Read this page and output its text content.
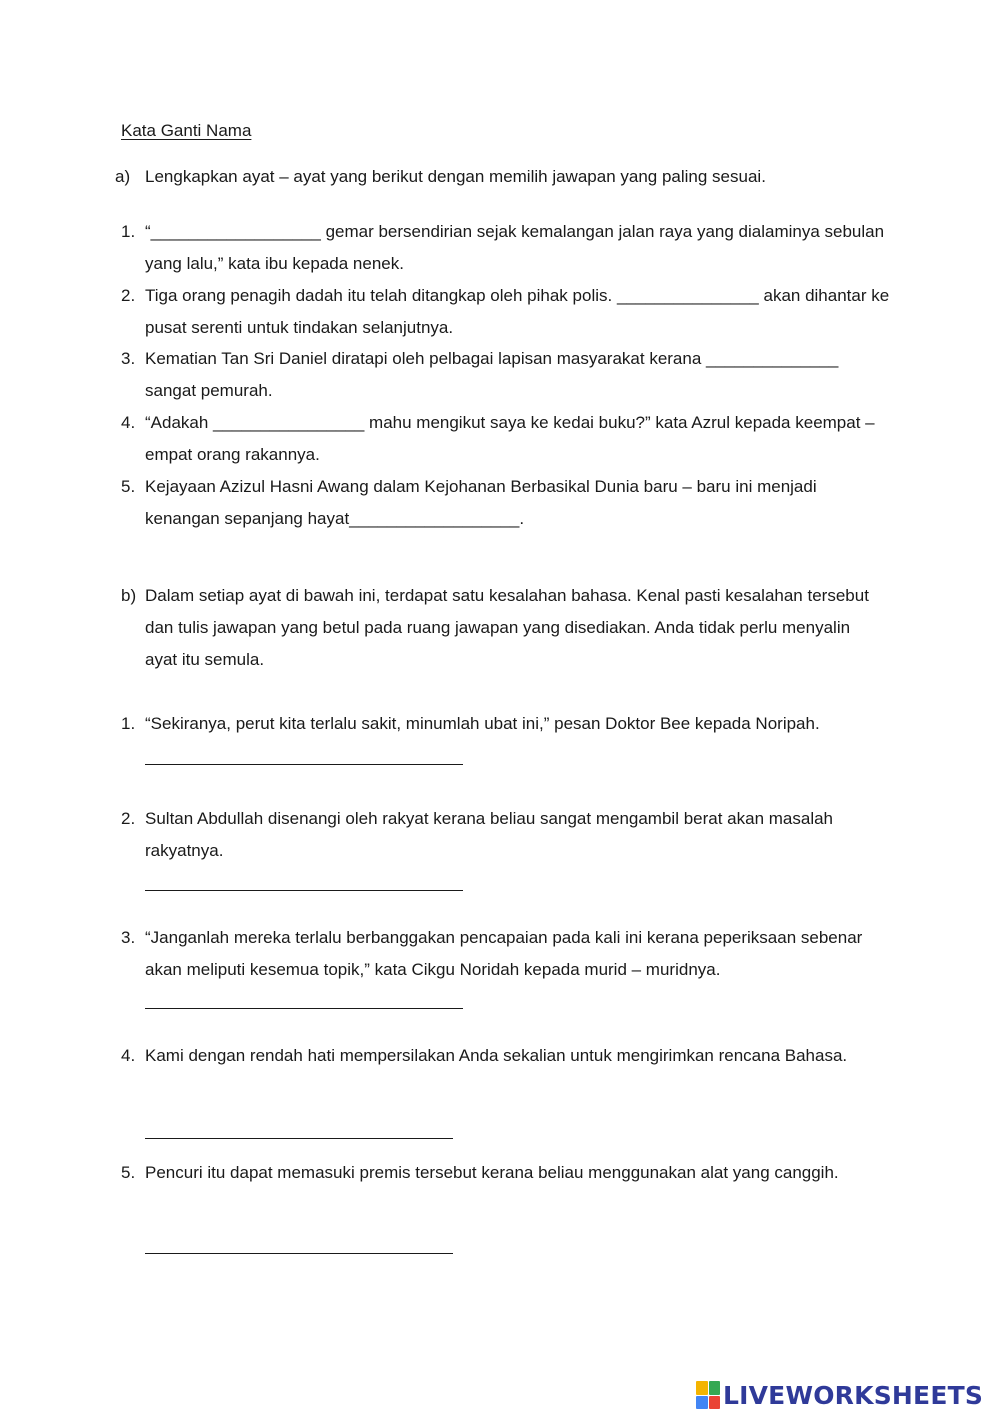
Kata Ganti Nama
a) Lengkapkan ayat – ayat yang berikut dengan memilih jawapan yang paling sesuai.
1. “__________________ gemar bersendirian sejak kemalangan jalan raya yang dialaminya sebulan yang lalu,” kata ibu kepada nenek.
2. Tiga orang penagih dadah itu telah ditangkap oleh pihak polis. _______________ akan dihantar ke pusat serenti untuk tindakan selanjutnya.
3. Kematian Tan Sri Daniel diratapi oleh pelbagai lapisan masyarakat kerana ______________ sangat pemurah.
4. “Adakah ________________ mahu mengikut saya ke kedai buku?” kata Azrul kepada keempat – empat orang rakannya.
5. Kejayaan Azizul Hasni Awang dalam Kejohanan Berbasikal Dunia baru – baru ini menjadi kenangan sepanjang hayat__________________.
b) Dalam setiap ayat di bawah ini, terdapat satu kesalahan bahasa. Kenal pasti kesalahan tersebut dan tulis jawapan yang betul pada ruang jawapan yang disediakan. Anda tidak perlu menyalin ayat itu semula.
1. “Sekiranya, perut kita terlalu sakit, minumlah ubat ini,” pesan Doktor Bee kepada Noripah.
2. Sultan Abdullah disenangi oleh rakyat kerana beliau sangat mengambil berat akan masalah rakyatnya.
3. “Janganlah mereka terlalu berbanggakan pencapaian pada kali ini kerana peperiksaan sebenar akan meliputi kesemua topik,” kata Cikgu Noridah kepada murid – muridnya.
4. Kami dengan rendah hati mempersilakan Anda sekalian untuk mengirimkan rencana Bahasa.
5. Pencuri itu dapat memasuki premis tersebut kerana beliau menggunakan alat yang canggih.
LIVEWORKSHEETS
